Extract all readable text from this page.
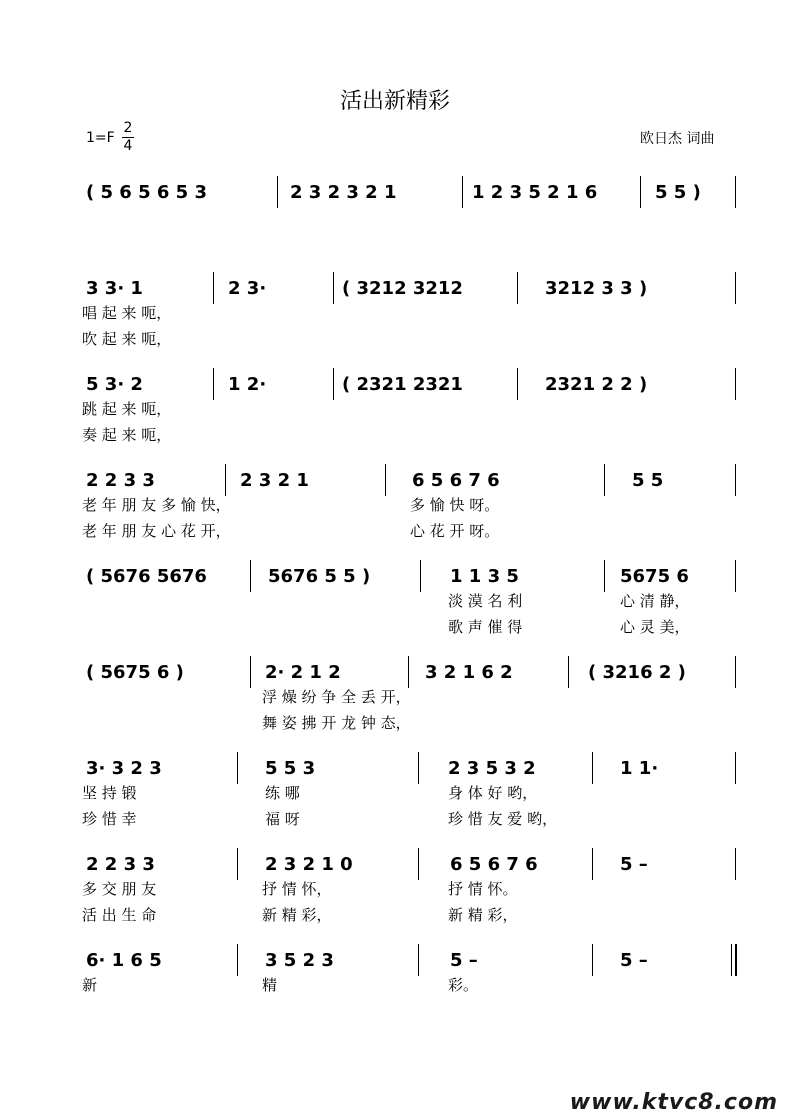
活出新精彩
1=F
2
4	欧日杰 词曲
( 5 6 5 6 5 3	2 3 2 3 2 1	1 2 3 5 2 1 6	5 5 )
3 3· 1	2 3·	( 3212 3212	3212 3 3 )
5 3· 2	1 2·	( 2321 2321	2321 2 2 )
2 2 3 3	2 3 2 1	6 5 6 7 6	5 5
( 5676 5676	5676 5 5 )	1 1 3 5	5675 6
( 5675 6 )	2· 2 1 2	3 2 1 6 2	( 3216 2 )
3· 3 2 3	5 5 3	2 3 5 3 2	1 1·
2 2 3 3	2 3 2 1 0	6 5 6 7 6	5 –
6· 1 6 5	3 5 2 3	5 –	5 –
唱 起 来 呃，
吹 起 来 呃，
跳 起 来 呃，
奏 起 来 呃，
老 年 朋 友 多 愉 快，	多 愉 快 呀。
老 年 朋 友 心 花 开，	心 花 开 呀。
淡 漠 名 利	心 清 静，
歌 声 催 得	心 灵 美，
浮 燥 纷 争 全 丢 开，
舞 姿 拂 开 龙 钟 态，
坚 持 锻	练 哪	身 体 好 哟，
珍 惜 幸	福 呀	珍 惜 友 爱 哟，
多 交 朋 友	抒 情 怀，	抒 情 怀。
活 出 生 命	新 精 彩，	新 精 彩，
新	精	彩。
www.ktvc8.com
